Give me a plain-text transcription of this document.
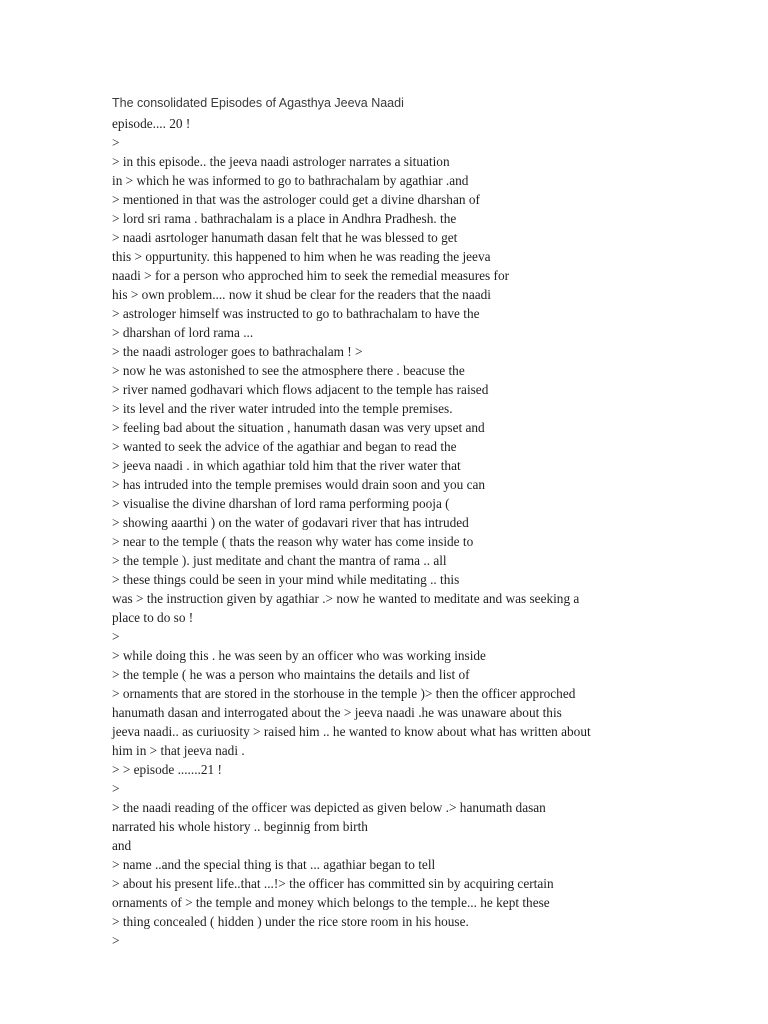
The consolidated Episodes of Agasthya Jeeva Naadi
episode.... 20 !
>
> in this episode.. the jeeva naadi astrologer narrates a situation
in > which he was informed to go to bathrachalam by agathiar .and
> mentioned in that was the astrologer could get a divine dharshan of
> lord sri rama . bathrachalam is a place in Andhra Pradhesh. the
> naadi asrtologer hanumath dasan felt that he was blessed to get
this > oppurtunity. this happened to him when he was reading the jeeva
naadi > for a person who approched him to seek the remedial measures for
his > own problem.... now it shud be clear for the readers that the naadi
> astrologer himself was instructed to go to bathrachalam to have the
> dharshan of lord rama ...
> the naadi astrologer goes to bathrachalam ! >
> now he was astonished to see the atmosphere there . beacuse the
> river named godhavari which flows adjacent to the temple has raised
> its level and the river water intruded into the temple premises.
> feeling bad about the situation , hanumath dasan was very upset and
> wanted to seek the advice of the agathiar and began to read the
> jeeva naadi . in which agathiar told him that the river water that
> has intruded into the temple premises would drain soon and you can
> visualise the divine dharshan of lord rama performing pooja (
> showing aaarthi ) on the water of godavari river that has intruded
> near to the temple ( thats the reason why water has come inside to
> the temple ). just meditate and chant the mantra of rama .. all
> these things could be seen in your mind while meditating .. this
was > the instruction given by agathiar .> now he wanted to meditate and was seeking a
place to do so !
>
> while doing this . he was seen by an officer who was working inside
> the temple ( he was a person who maintains the details and list of
> ornaments that are stored in the storhouse in the temple )> then the officer approched
hanumath dasan and interrogated about the > jeeva naadi .he was unaware about this
jeeva naadi.. as curiuosity > raised him .. he wanted to know about what has written about
him in > that jeeva nadi .
> > episode .......21 !
>
> the naadi reading of the officer was depicted as given below .> hanumath dasan
narrated his whole history .. beginnig from birth
and
> name ..and the special thing is that ... agathiar began to tell
> about his present life..that ...!> the officer has committed sin by acquiring certain
ornaments of > the temple and money which belongs to the temple... he kept these
> thing concealed ( hidden ) under the rice store room in his house.
>
